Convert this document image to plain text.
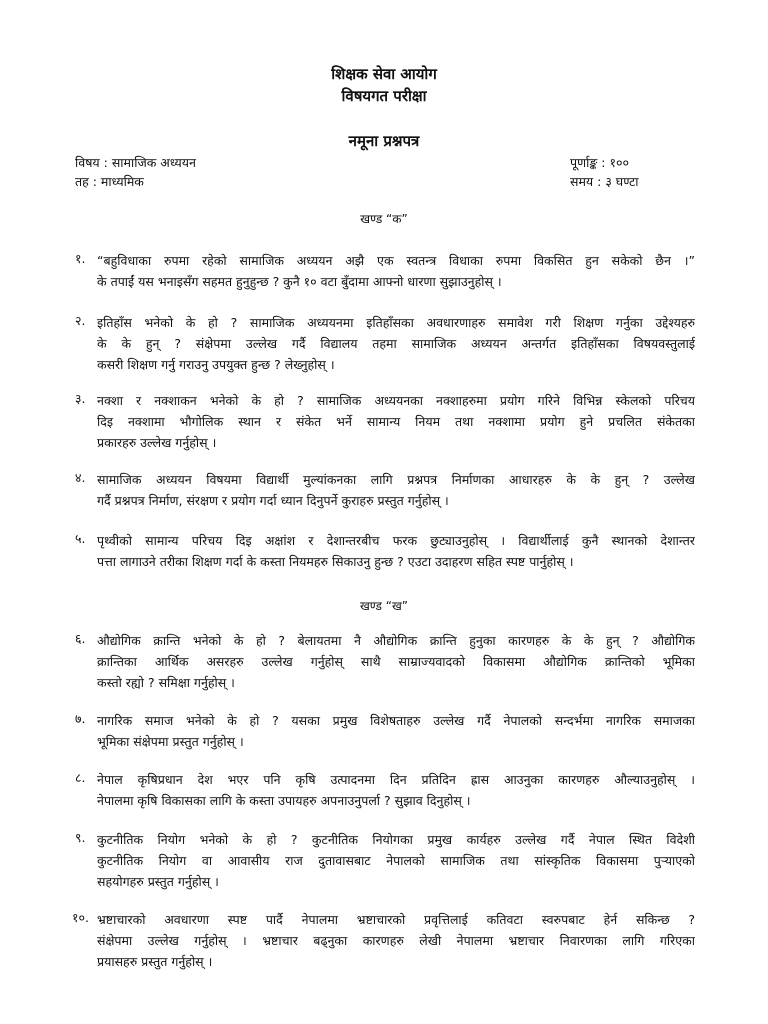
शिक्षक सेवा आयोग
विषयगत परीक्षा
नमूना प्रश्नपत्र
विषय : सामाजिक अध्ययन
तह : माध्यमिक
पूर्णाङ्क : १००
समय : ३ घण्टा
खण्ड “क”
१. “बहुविधाका रुपमा रहेको सामाजिक अध्ययन अझै एक स्वतन्त्र विधाका रुपमा विकसित हुन सकेको छैन ।”
के तपाईं यस भनाइसँग सहमत हुनुहुन्छ ? कुनै १० वटा बुँदामा आफ्नो धारणा सुझाउनुहोस् ।
२. इतिहाँस भनेको के हो ? सामाजिक अध्ययनमा इतिहाँसका अवधारणाहरु समावेश गरी शिक्षण गर्नुका उद्देश्यहरु
के के हुन् ? संक्षेपमा उल्लेख गर्दै विद्यालय तहमा सामाजिक अध्ययन अन्तर्गत इतिहाँसका विषयवस्तुलाई
कसरी शिक्षण गर्नु गराउनु उपयुक्त हुन्छ ? लेख्नुहोस् ।
३. नक्शा र नक्शाकन भनेको के हो ? सामाजिक अध्ययनका नक्शाहरुमा प्रयोग गरिने विभिन्न स्केलको परिचय
दिइ नक्शामा भौगोलिक स्थान र संकेत भर्ने सामान्य नियम तथा नक्शामा प्रयोग हुने प्रचलित संकेतका
प्रकारहरु उल्लेख गर्नुहोस् ।
४. सामाजिक अध्ययन विषयमा विद्यार्थी मुल्यांकनका लागि प्रश्नपत्र निर्माणका आधारहरु के के हुन् ? उल्लेख
गर्दै प्रश्नपत्र निर्माण, संरक्षण र प्रयोग गर्दा ध्यान दिनुपर्ने कुराहरु प्रस्तुत गर्नुहोस् ।
५. पृथ्वीको सामान्य परिचय दिइ अक्षांश र देशान्तरबीच फरक छुट्याउनुहोस् । विद्यार्थीलाई कुनै स्थानको देशान्तर
पत्ता लागाउने तरीका शिक्षण गर्दा के कस्ता नियमहरु सिकाउनु हुन्छ ? एउटा उदाहरण सहित स्पष्ट पार्नुहोस् ।
खण्ड “ख”
६. औद्योगिक क्रान्ति भनेको के हो ? बेलायतमा नै औद्योगिक क्रान्ति हुनुका कारणहरु के के हुन् ? औद्योगिक
क्रान्तिका आर्थिक असरहरु उल्लेख गर्नुहोस् साथै साम्राज्यवादको विकासमा औद्योगिक क्रान्तिको भूमिका
कस्तो रह्यो ? समिक्षा गर्नुहोस् ।
७. नागरिक समाज भनेको के हो ? यसका प्रमुख विशेषताहरु उल्लेख गर्दै नेपालको सन्दर्भमा नागरिक समाजका
भूमिका संक्षेपमा प्रस्तुत गर्नुहोस् ।
८. नेपाल कृषिप्रधान देश भएर पनि कृषि उत्पादनमा दिन प्रतिदिन ह्रास आउनुका कारणहरु औल्याउनुहोस् ।
नेपालमा कृषि विकासका लागि के कस्ता उपायहरु अपनाउनुपर्ला ? सुझाव दिनुहोस् ।
९. कुटनीतिक नियोग भनेको के हो ? कुटनीतिक नियोगका प्रमुख कार्यहरु उल्लेख गर्दै नेपाल स्थित विदेशी
कुटनीतिक नियोग वा आवासीय राज दुतावासबाट नेपालको सामाजिक तथा सांस्कृतिक विकासमा पुऱ्याएको
सहयोगहरु प्रस्तुत गर्नुहोस् ।
१०. भ्रष्टाचारको अवधारणा स्पष्ट पार्दै नेपालमा भ्रष्टाचारको प्रवृत्तिलाई कतिवटा स्वरुपबाट हेर्न सकिन्छ ?
संक्षेपमा उल्लेख गर्नुहोस् । भ्रष्टाचार बढ्नुका कारणहरु लेखी नेपालमा भ्रष्टाचार निवारणका लागि गरिएका
प्रयासहरु प्रस्तुत गर्नुहोस् ।
